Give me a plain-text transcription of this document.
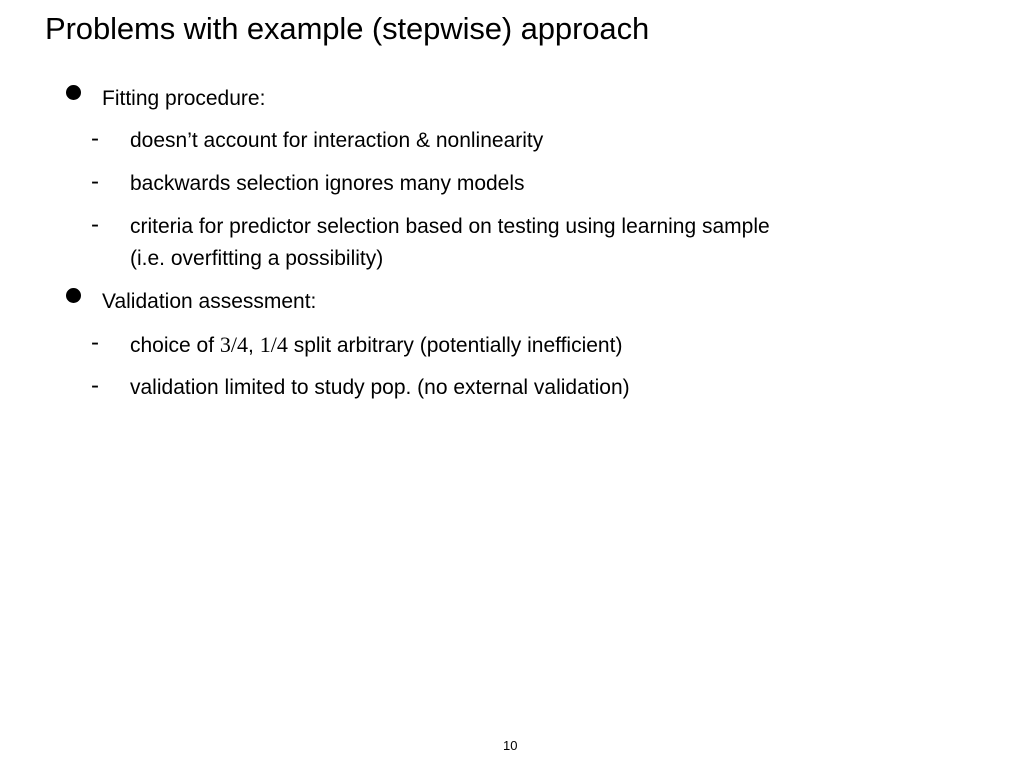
Problems with example (stepwise) approach
Fitting procedure:
- doesn’t account for interaction & nonlinearity
- backwards selection ignores many models
- criteria for predictor selection based on testing using learning sample
(i.e. overfitting a possibility)
Validation assessment:
- choice of 3/4, 1/4 split arbitrary (potentially inefficient)
- validation limited to study pop. (no external validation)
10
